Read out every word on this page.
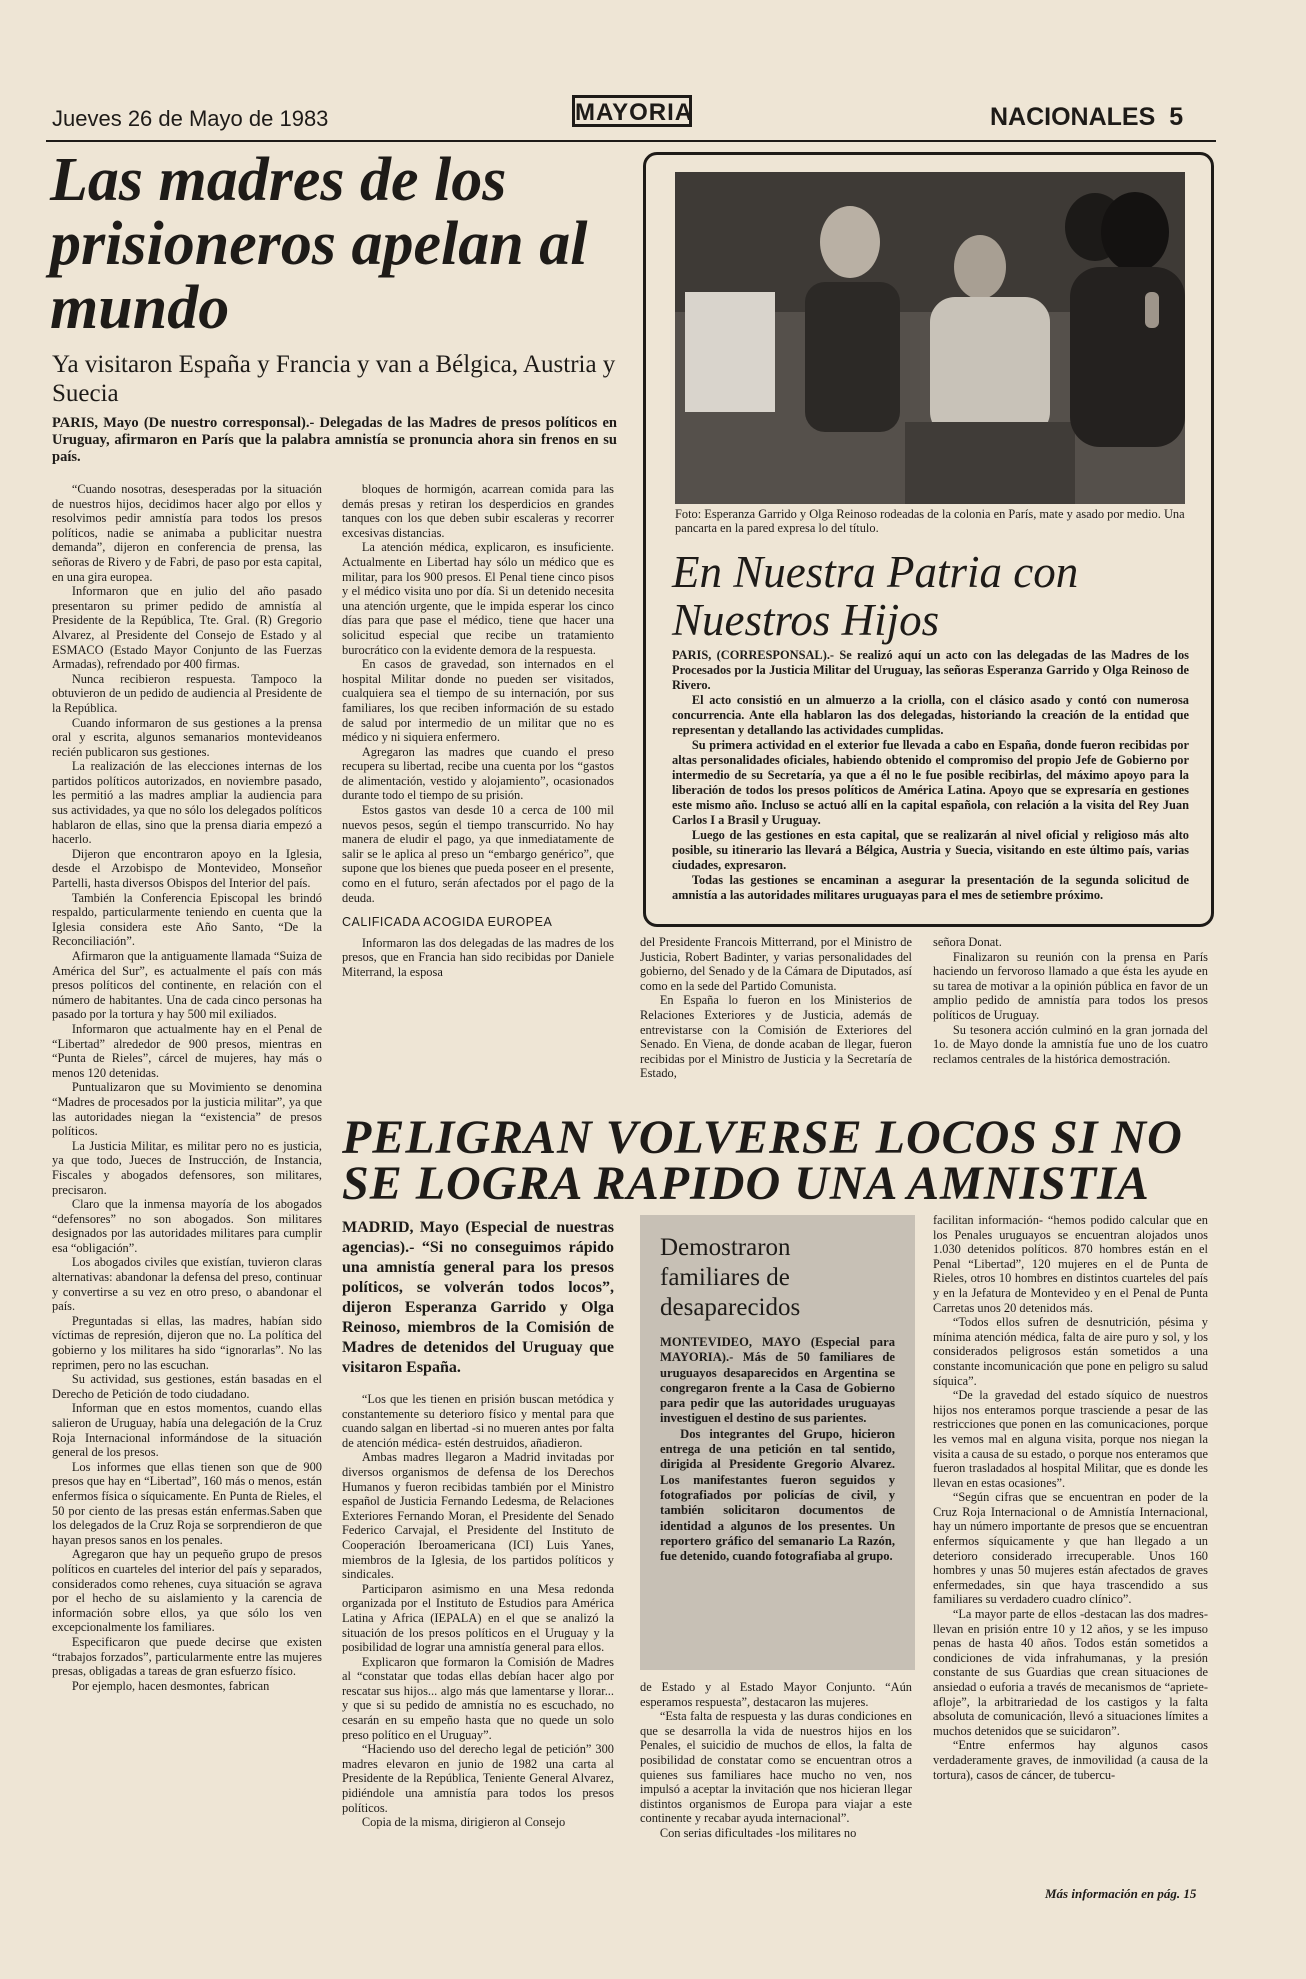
Jueves 26 de Mayo de 1983	MAYORIA	NACIONALES 5
Las madres de los prisioneros apelan al mundo
Ya visitaron España y Francia y van a Bélgica, Austria y Suecia
PARIS, Mayo (De nuestro corresponsal).- Delegadas de las Madres de presos políticos en Uruguay, afirmaron en París que la palabra amnistía se pronuncia ahora sin frenos en su país.

“Cuando nosotras, desesperadas por la situación de nuestros hijos, decidimos hacer algo por ellos y resolvimos pedir amnistía para todos los presos políticos, nadie se animaba a publicitar nuestra demanda”, dijeron en conferencia de prensa, las señoras de Rivero y de Fabri, de paso por esta capital, en una gira europea.

Informaron que en julio del año pasado presentaron su primer pedido de amnistía al Presidente de la República, Tte. Gral. (R) Gregorio Alvarez, al Presidente del Consejo de Estado y al ESMACO (Estado Mayor Conjunto de las Fuerzas Armadas), refrendado por 400 firmas.

Nunca recibieron respuesta. Tampoco la obtuvieron de un pedido de audiencia al Presidente de la República.

Cuando informaron de sus gestiones a la prensa oral y escrita, algunos semanarios montevideanos recién publicaron sus gestiones.

La realización de las elecciones internas de los partidos políticos autorizados, en noviembre pasado, les permitió a las madres ampliar la audiencia para sus actividades, ya que no sólo los delegados políticos hablaron de ellas, sino que la prensa diaria empezó a hacerlo.

Dijeron que encontraron apoyo en la Iglesia, desde el Arzobispo de Montevideo, Monseñor Partelli, hasta diversos Obispos del Interior del país.

También la Conferencia Episcopal les brindó respaldo, particularmente teniendo en cuenta que la Iglesia considera este Año Santo, “De la Reconciliación”.

Afirmaron que la antiguamente llamada “Suiza de América del Sur”, es actualmente el país con más presos políticos del continente, en relación con el número de habitantes. Una de cada cinco personas ha pasado por la tortura y hay 500 mil exiliados.

Informaron que actualmente hay en el Penal de “Libertad” alrededor de 900 presos, mientras en “Punta de Rieles”, cárcel de mujeres, hay más o menos 120 detenidas.

Puntualizaron que su Movimiento se denomina “Madres de procesados por la justicia militar”, ya que las autoridades niegan la “existencia” de presos políticos.

La Justicia Militar, es militar pero no es justicia, ya que todo, Jueces de Instrucción, de Instancia, Fiscales y abogados defensores, son militares, precisaron.

Claro que la inmensa mayoría de los abogados “defensores” no son abogados. Son militares designados por las autoridades militares para cumplir esa “obligación”.

Los abogados civiles que existían, tuvieron claras alternativas: abandonar la defensa del preso, continuar y convertirse a su vez en otro preso, o abandonar el país.

Preguntadas si ellas, las madres, habían sido víctimas de represión, dijeron que no. La política del gobierno y los militares ha sido “ignorarlas”. No las reprimen, pero no las escuchan.

Su actividad, sus gestiones, están basadas en el Derecho de Petición de todo ciudadano.

Informan que en estos momentos, cuando ellas salieron de Uruguay, había una delegación de la Cruz Roja Internacional informándose de la situación general de los presos.

Los informes que ellas tienen son que de 900 presos que hay en “Libertad”, 160 más o menos, están enfermos física o síquicamente. En Punta de Rieles, el 50 por ciento de las presas están enfermas.Saben que los delegados de la Cruz Roja se sorprendieron de que hayan presos sanos en los penales.

Agregaron que hay un pequeño grupo de presos políticos en cuarteles del interior del país y separados, considerados como rehenes, cuya situación se agrava por el hecho de su aislamiento y la carencia de información sobre ellos, ya que sólo los ven excepcionalmente los familiares.

Especificaron que puede decirse que existen “trabajos forzados”, particularmente entre las mujeres presas, obligadas a tareas de gran esfuerzo físico.

Por ejemplo, hacen desmontes, fabrican

bloques de hormigón, acarrean comida para las demás presas y retiran los desperdicios en grandes tanques con los que deben subir escaleras y recorrer excesivas distancias.

La atención médica, explicaron, es insuficiente. Actualmente en Libertad hay sólo un médico que es militar, para los 900 presos. El Penal tiene cinco pisos y el médico visita uno por día. Si un detenido necesita una atención urgente, que le impida esperar los cinco días para que pase el médico, tiene que hacer una solicitud especial que recibe un tratamiento burocrático con la evidente demora de la respuesta.

En casos de gravedad, son internados en el hospital Militar donde no pueden ser visitados, cualquiera sea el tiempo de su internación, por sus familiares, los que reciben información de su estado de salud por intermedio de un militar que no es médico y ni siquiera enfermero.

Agregaron las madres que cuando el preso recupera su libertad, recibe una cuenta por los “gastos de alimentación, vestido y alojamiento”, ocasionados durante todo el tiempo de su prisión.

Estos gastos van desde 10 a cerca de 100 mil nuevos pesos, según el tiempo transcurrido. No hay manera de eludir el pago, ya que inmediatamente de salir se le aplica al preso un “embargo genérico”, que supone que los bienes que pueda poseer en el presente, como en el futuro, serán afectados por el pago de la deuda.

CALIFICADA ACOGIDA EUROPEA

Informaron las dos delegadas de las madres de los presos, que en Francia han sido recibidas por Daniele Miterrand, la esposa

Foto: Esperanza Garrido y Olga Reinoso rodeadas de la colonia en París, mate y asado por medio. Una pancarta en la pared expresa lo del título.
En Nuestra Patria con Nuestros Hijos

PARIS, (CORRESPONSAL).- Se realizó aquí un acto con las delegadas de las Madres de los Procesados por la Justicia Militar del Uruguay, las señoras Esperanza Garrido y Olga Reinoso de Rivero.

El acto consistió en un almuerzo a la criolla, con el clásico asado y contó con numerosa concurrencia. Ante ella hablaron las dos delegadas, historiando la creación de la entidad que representan y detallando las actividades cumplidas.

Su primera actividad en el exterior fue llevada a cabo en España, donde fueron recibidas por altas personalidades oficiales, habiendo obtenido el compromiso del propio Jefe de Gobierno por intermedio de su Secretaría, ya que a él no le fue posible recibirlas, del máximo apoyo para la liberación de todos los presos políticos de América Latina. Apoyo que se expresaría en gestiones este mismo año. Incluso se actuó allí en la capital española, con relación a la visita del Rey Juan Carlos I a Brasil y Uruguay.

Luego de las gestiones en esta capital, que se realizarán al nivel oficial y religioso más alto posible, su itinerario las llevará a Bélgica, Austria y Suecia, visitando en este último país, varias ciudades, expresaron.

Todas las gestiones se encaminan a asegurar la presentación de la segunda solicitud de amnistía a las autoridades militares uruguayas para el mes de setiembre próximo.

del Presidente Francois Mitterrand, por el Ministro de Justicia, Robert Badinter, y varias personalidades del gobierno, del Senado y de la Cámara de Diputados, así como en la sede del Partido Comunista.

En España lo fueron en los Ministerios de Relaciones Exteriores y de Justicia, además de entrevistarse con la Comisión de Exteriores del Senado. En Viena, de donde acaban de llegar, fueron recibidas por el Ministro de Justicia y la Secretaría de Estado,

señora Donat.

Finalizaron su reunión con la prensa en París haciendo un fervoroso llamado a que ésta les ayude en su tarea de motivar a la opinión pública en favor de un amplio pedido de amnistía para todos los presos políticos de Uruguay.

Su tesonera acción culminó en la gran jornada del 1o. de Mayo donde la amnistía fue uno de los cuatro reclamos centrales de la histórica demostración.

PELIGRAN VOLVERSE LOCOS SI NO SE LOGRA RAPIDO UNA AMNISTIA
MADRID, Mayo (Especial de nuestras agencias).- “Si no conseguimos rápido una amnistía general para los presos políticos, se volverán todos locos”, dijeron Esperanza Garrido y Olga Reinoso, miembros de la Comisión de Madres de detenidos del Uruguay que visitaron España.

“Los que les tienen en prisión buscan metódica y constantemente su deterioro físico y mental para que cuando salgan en libertad -si no mueren antes por falta de atención médica- estén destruidos, añadieron.

Ambas madres llegaron a Madrid invitadas por diversos organismos de defensa de los Derechos Humanos y fueron recibidas también por el Ministro español de Justicia Fernando Ledesma, de Relaciones Exteriores Fernando Moran, el Presidente del Senado Federico Carvajal, el Presidente del Instituto de Cooperación Iberoamericana (ICI) Luis Yanes, miembros de la Iglesia, de los partidos políticos y sindicales.

Participaron asimismo en una Mesa redonda organizada por el Instituto de Estudios para América Latina y Africa (IEPALA) en el que se analizó la situación de los presos políticos en el Uruguay y la posibilidad de lograr una amnistía general para ellos.

Explicaron que formaron la Comisión de Madres al “constatar que todas ellas debían hacer algo por rescatar sus hijos... algo más que lamentarse y llorar... y que si su pedido de amnistía no es escuchado, no cesarán en su empeño hasta que no quede un solo preso político en el Uruguay”.

“Haciendo uso del derecho legal de petición” 300 madres elevaron en junio de 1982 una carta al Presidente de la República, Teniente General Alvarez, pidiéndole una amnistía para todos los presos políticos.

Copia de la misma, dirigieron al Consejo

Demostraron familiares de desaparecidos

MONTEVIDEO, MAYO (Especial para MAYORIA).- Más de 50 familiares de uruguayos desaparecidos en Argentina se congregaron frente a la Casa de Gobierno para pedir que las autoridades uruguayas investiguen el destino de sus parientes.

Dos integrantes del Grupo, hicieron entrega de una petición en tal sentido, dirigida al Presidente Gregorio Alvarez. Los manifestantes fueron seguidos y fotografiados por policías de civil, y también solicitaron documentos de identidad a algunos de los presentes. Un reportero gráfico del semanario La Razón, fue detenido, cuando fotografiaba al grupo.

de Estado y al Estado Mayor Conjunto. “Aún esperamos respuesta”, destacaron las mujeres.

“Esta falta de respuesta y las duras condiciones en que se desarrolla la vida de nuestros hijos en los Penales, el suicidio de muchos de ellos, la falta de posibilidad de constatar como se encuentran otros a quienes sus familiares hace mucho no ven, nos impulsó a aceptar la invitación que nos hicieran llegar distintos organismos de Europa para viajar a este continente y recabar ayuda internacional”.

Con serias dificultades -los militares no

facilitan información- “hemos podido calcular que en los Penales uruguayos se encuentran alojados unos 1.030 detenidos políticos. 870 hombres están en el Penal “Libertad”, 120 mujeres en el de Punta de Rieles, otros 10 hombres en distintos cuarteles del país y en la Jefatura de Montevideo y en el Penal de Punta Carretas unos 20 detenidos más.

“Todos ellos sufren de desnutrición, pésima y mínima atención médica, falta de aire puro y sol, y los considerados peligrosos están sometidos a una constante incomunicación que pone en peligro su salud síquica”.

“De la gravedad del estado síquico de nuestros hijos nos enteramos porque trasciende a pesar de las restricciones que ponen en las comunicaciones, porque les vemos mal en alguna visita, porque nos niegan la visita a causa de su estado, o porque nos enteramos que fueron trasladados al hospital Militar, que es donde les llevan en estas ocasiones”.

“Según cifras que se encuentran en poder de la Cruz Roja Internacional o de Amnistía Internacional, hay un número importante de presos que se encuentran enfermos síquicamente y que han llegado a un deterioro considerado irrecuperable. Unos 160 hombres y unas 50 mujeres están afectados de graves enfermedades, sin que haya trascendido a sus familiares su verdadero cuadro clínico”.

“La mayor parte de ellos -destacan las dos madres- llevan en prisión entre 10 y 12 años, y se les impuso penas de hasta 40 años. Todos están sometidos a condiciones de vida infrahumanas, y la presión constante de sus Guardias que crean situaciones de ansiedad o euforia a través de mecanismos de “apriete-afloje”, la arbitrariedad de los castigos y la falta absoluta de comunicación, llevó a situaciones límites a muchos detenidos que se suicidaron”.

“Entre enfermos hay algunos casos verdaderamente graves, de inmovilidad (a causa de la tortura), casos de cáncer, de tubercu-

Más información en pág. 15
